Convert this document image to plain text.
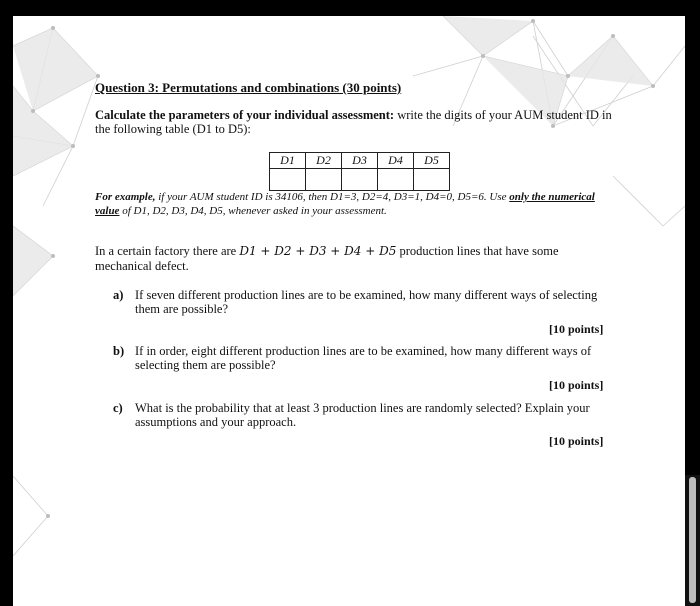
Question 3: Permutations and combinations (30 points)
Calculate the parameters of your individual assessment: write the digits of your AUM student ID in the following table (D1 to D5):
D1	D2	D3	D4	D5

For example, if your AUM student ID is 34106, then D1=3, D2=4, D3=1, D4=0, D5=6. Use only the numerical value of D1, D2, D3, D4, D5, whenever asked in your assessment.
In a certain factory there are D1 + D2 + D3 + D4 + D5 production lines that have some mechanical defect.
a) If seven different production lines are to be examined, how many different ways of selecting them are possible?
[10 points]
b) If in order, eight different production lines are to be examined, how many different ways of selecting them are possible?
[10 points]
c) What is the probability that at least 3 production lines are randomly selected? Explain your assumptions and your approach.
[10 points]
